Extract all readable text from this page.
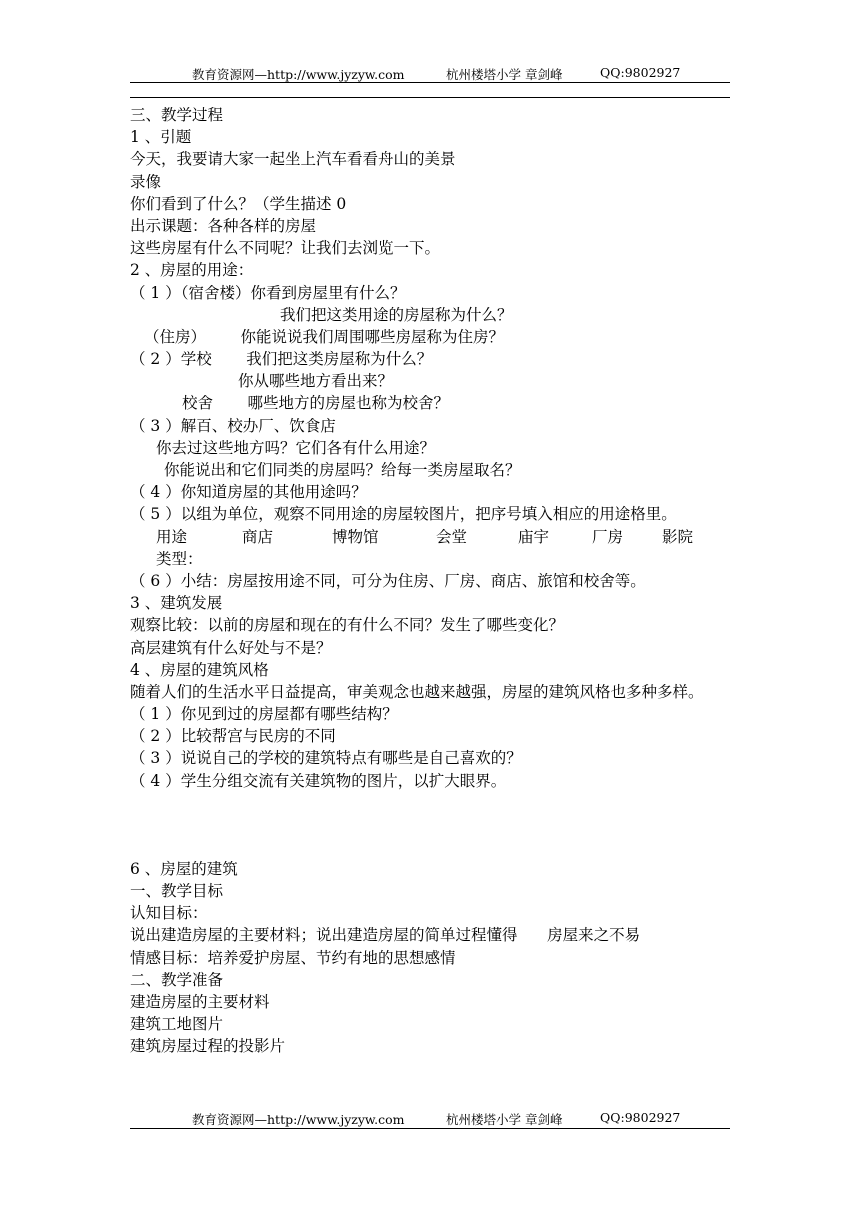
教育资源网—http://www.jyzyw.com	杭州楼塔小学 章剑峰	QQ:9802927
三、教学过程
1 、引题
今天，我要请大家一起坐上汽车看看舟山的美景
录像
你们看到了什么？（学生描述 0
出示课题：各种各样的房屋
这些房屋有什么不同呢？让我们去浏览一下。
2 、房屋的用途：
（ 1 ）（宿舍楼）你看到房屋里有什么？
我们把这类用途的房屋称为什么？
（住房）       你能说说我们周围哪些房屋称为住房？
（ 2 ）学校       我们把这类房屋称为什么？
你从哪些地方看出来？
校舍       哪些地方的房屋也称为校舍？
（ 3 ）解百、校办厂、饮食店
你去过这些地方吗？它们各有什么用途？
你能说出和它们同类的房屋吗？给每一类房屋取名？
（ 4 ）你知道房屋的其他用途吗？
（ 5 ）以组为单位，观察不同用途的房屋较图片，把序号填入相应的用途格里。
用途	商店	博物馆	会堂	庙宇	厂房	影院
类型：
（ 6 ）小结：房屋按用途不同，可分为住房、厂房、商店、旅馆和校舍等。
3 、建筑发展
观察比较：以前的房屋和现在的有什么不同？发生了哪些变化？
高层建筑有什么好处与不是？
4 、房屋的建筑风格
随着人们的生活水平日益提高，审美观念也越来越强，房屋的建筑风格也多种多样。
（ 1 ）你见到过的房屋都有哪些结构？
（ 2 ）比较帮宫与民房的不同
（ 3 ）说说自己的学校的建筑特点有哪些是自己喜欢的？
（ 4 ）学生分组交流有关建筑物的图片，以扩大眼界。
6 、房屋的建筑
一、教学目标
认知目标：
说出建造房屋的主要材料；说出建造房屋的简单过程懂得      房屋来之不易
情感目标：培养爱护房屋、节约有地的思想感情
二、教学准备
建造房屋的主要材料
建筑工地图片
建筑房屋过程的投影片
教育资源网—http://www.jyzyw.com	杭州楼塔小学 章剑峰	QQ:9802927
